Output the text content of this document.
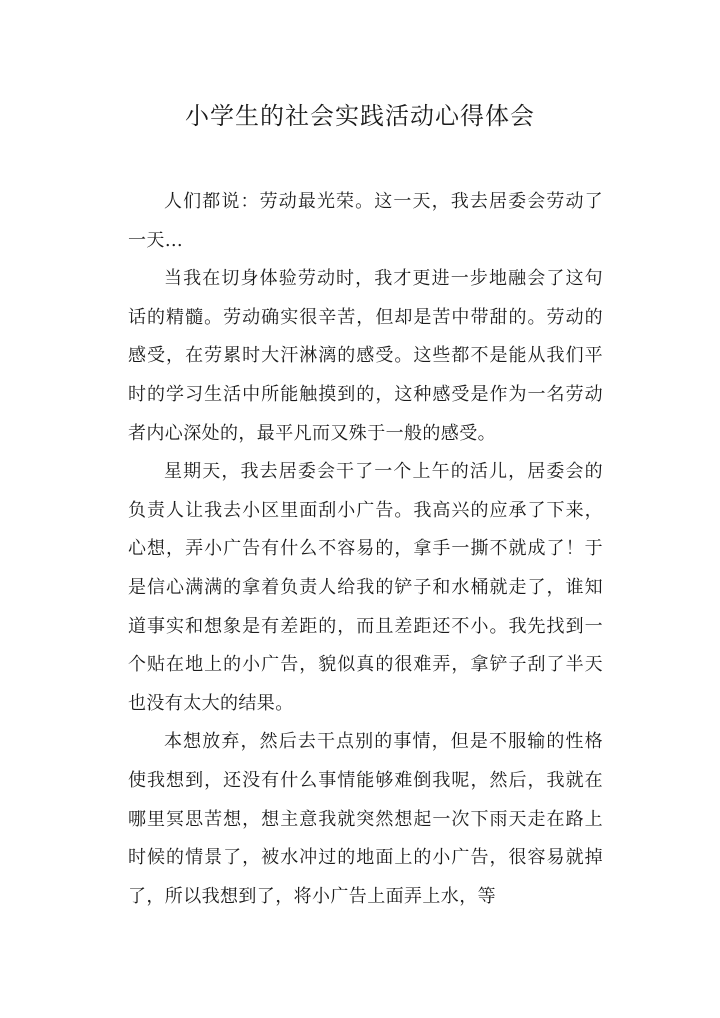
小学生的社会实践活动心得体会

人们都说：劳动最光荣。这一天，我去居委会劳动了一天…

当我在切身体验劳动时，我才更进一步地融会了这句话的精髓。劳动确实很辛苦，但却是苦中带甜的。劳动的感受，在劳累时大汗淋漓的感受。这些都不是能从我们平时的学习生活中所能触摸到的，这种感受是作为一名劳动者内心深处的，最平凡而又殊于一般的感受。

星期天，我去居委会干了一个上午的活儿，居委会的负责人让我去小区里面刮小广告。我高兴的应承了下来，心想，弄小广告有什么不容易的，拿手一撕不就成了！于是信心满满的拿着负责人给我的铲子和水桶就走了，谁知道事实和想象是有差距的，而且差距还不小。我先找到一个贴在地上的小广告，貌似真的很难弄，拿铲子刮了半天也没有太大的结果。

本想放弃，然后去干点别的事情，但是不服输的性格使我想到，还没有什么事情能够难倒我呢，然后，我就在哪里冥思苦想，想主意我就突然想起一次下雨天走在路上时候的情景了，被水冲过的地面上的小广告，很容易就掉了，所以我想到了，将小广告上面弄上水，等
